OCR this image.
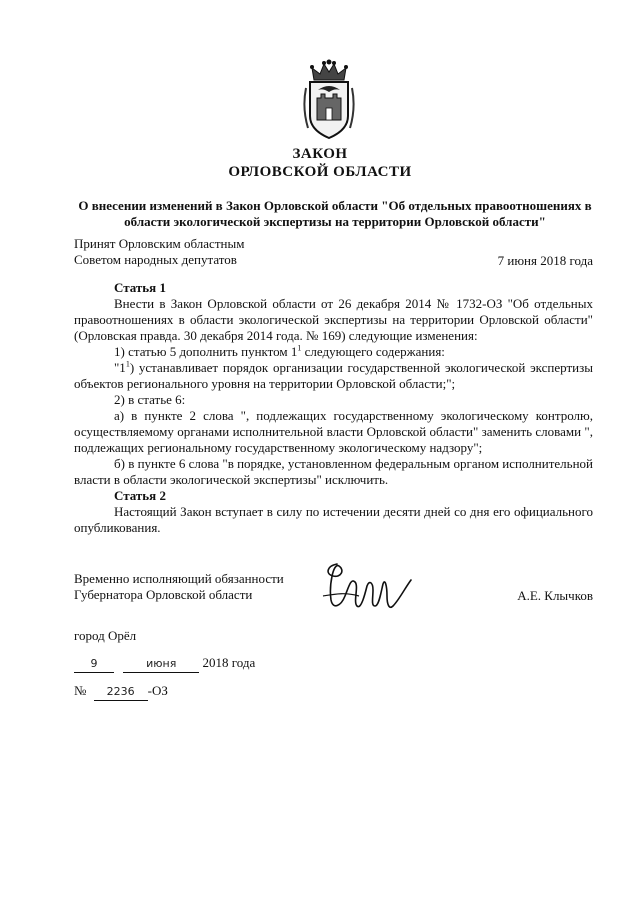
ЗАКОН
ОРЛОВСКОЙ ОБЛАСТИ
О внесении изменений в Закон Орловской области "Об отдельных правоотношениях в
области экологической экспертизы на территории Орловской области"
Принят Орловским областным
Советом народных депутатов	7 июня 2018 года
Статья 1
Внести в Закон Орловской области от 26 декабря 2014 № 1732-ОЗ "Об отдельных правоотношениях в области экологической экспертизы на территории Орловской области" (Орловская правда. 30 декабря 2014 года. № 169) следующие изменения:
1) статью 5 дополнить пунктом $1^1$ следующего содержания:
"$1^1$) устанавливает порядок организации государственной экологической экспертизы объектов регионального уровня на территории Орловской области;";
2) в статье 6:
а) в пункте 2 слова ", подлежащих государственному экологическому контролю, осуществляемому органами исполнительной власти Орловской области" заменить словами ", подлежащих региональному государственному экологическому надзору";
б) в пункте 6 слова "в порядке, установленном федеральным органом исполнительной власти в области экологической экспертизы" исключить.
Статья 2
Настоящий Закон вступает в силу по истечении десяти дней со дня его официального опубликования.
Временно исполняющий обязанности
Губернатора Орловской области	А.Е. Клычков
город Орёл
9	июня 2018 года
№ 2236 -ОЗ
